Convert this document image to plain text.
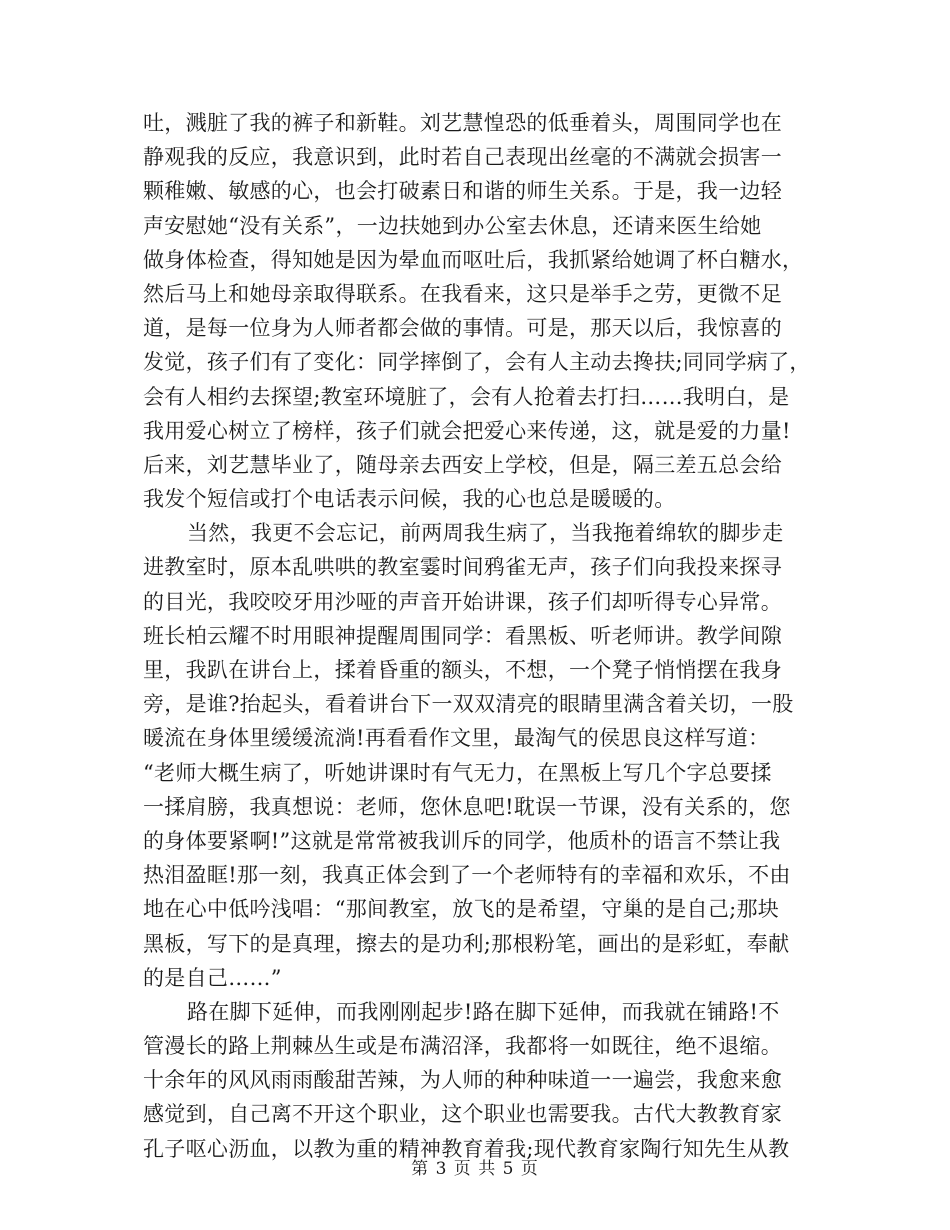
吐，溅脏了我的裤子和新鞋。刘艺慧惶恐的低垂着头，周围同学也在
静观我的反应，我意识到，此时若自己表现出丝毫的不满就会损害一
颗稚嫩、敏感的心，也会打破素日和谐的师生关系。于是，我一边轻
声安慰她“没有关系”，一边扶她到办公室去休息，还请来医生给她
做身体检查，得知她是因为晕血而呕吐后，我抓紧给她调了杯白糖水，
然后马上和她母亲取得联系。在我看来，这只是举手之劳，更微不足
道，是每一位身为人师者都会做的事情。可是，那天以后，我惊喜的
发觉，孩子们有了变化：同学摔倒了，会有人主动去搀扶;同同学病了，
会有人相约去探望;教室环境脏了，会有人抢着去打扫……我明白，是
我用爱心树立了榜样，孩子们就会把爱心来传递，这，就是爱的力量!
后来，刘艺慧毕业了，随母亲去西安上学校，但是，隔三差五总会给
我发个短信或打个电话表示问候，我的心也总是暖暖的。
当然，我更不会忘记，前两周我生病了，当我拖着绵软的脚步走
进教室时，原本乱哄哄的教室霎时间鸦雀无声，孩子们向我投来探寻
的目光，我咬咬牙用沙哑的声音开始讲课，孩子们却听得专心异常。
班长柏云耀不时用眼神提醒周围同学：看黑板、听老师讲。教学间隙
里，我趴在讲台上，揉着昏重的额头，不想，一个凳子悄悄摆在我身
旁，是谁?抬起头，看着讲台下一双双清亮的眼睛里满含着关切，一股
暖流在身体里缓缓流淌!再看看作文里，最淘气的侯思良这样写道：
“老师大概生病了，听她讲课时有气无力，在黑板上写几个字总要揉
一揉肩膀，我真想说：老师，您休息吧!耽误一节课，没有关系的，您
的身体要紧啊!”这就是常常被我训斥的同学，他质朴的语言不禁让我
热泪盈眶!那一刻，我真正体会到了一个老师特有的幸福和欢乐，不由
地在心中低吟浅唱：“那间教室，放飞的是希望，守巢的是自己;那块
黑板，写下的是真理，擦去的是功利;那根粉笔，画出的是彩虹，奉献
的是自己……”
路在脚下延伸，而我刚刚起步!路在脚下延伸，而我就在铺路!不
管漫长的路上荆棘丛生或是布满沼泽，我都将一如既往，绝不退缩。
十余年的风风雨雨酸甜苦辣，为人师的种种味道一一遍尝，我愈来愈
感觉到，自己离不开这个职业，这个职业也需要我。古代大教教育家
孔子呕心沥血，以教为重的精神教育着我;现代教育家陶行知先生从教
第 3 页 共 5 页
